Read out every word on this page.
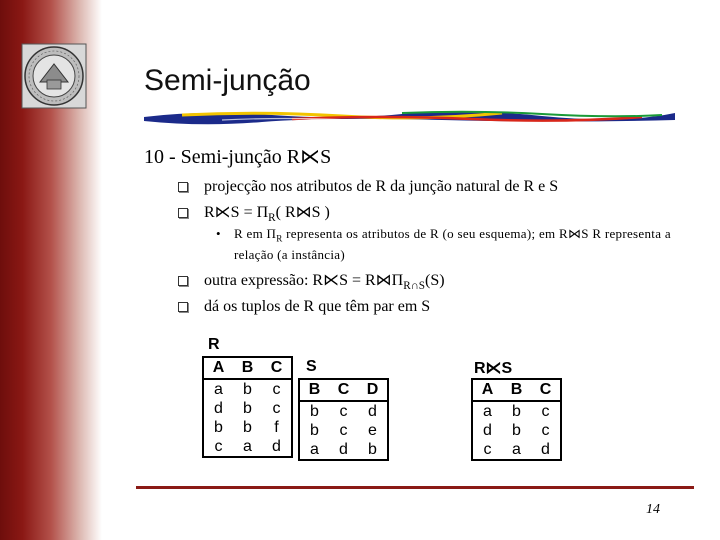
Semi-junção
10 - Semi-junção R⋉S
projecção nos atributos de R da junção natural de R e S
R⋉S = $\Pi_R$( R⋈S )
• R em $\Pi_R$ representa os atributos de R (o seu esquema); em R⋈S R representa a relação (a instância)
outra expressão: R⋉S = $R⋈\Pi_{R\cap S}(S)$
dá os tuplos de R que têm par em S
R
A	B	C
a	b	c
d	b	c
b	b	f
c	a	d
S
B	C	D
b	c	d
b	c	e
a	d	b
R⋉S
A	B	C
a	b	c
d	b	c
c	a	d
14
